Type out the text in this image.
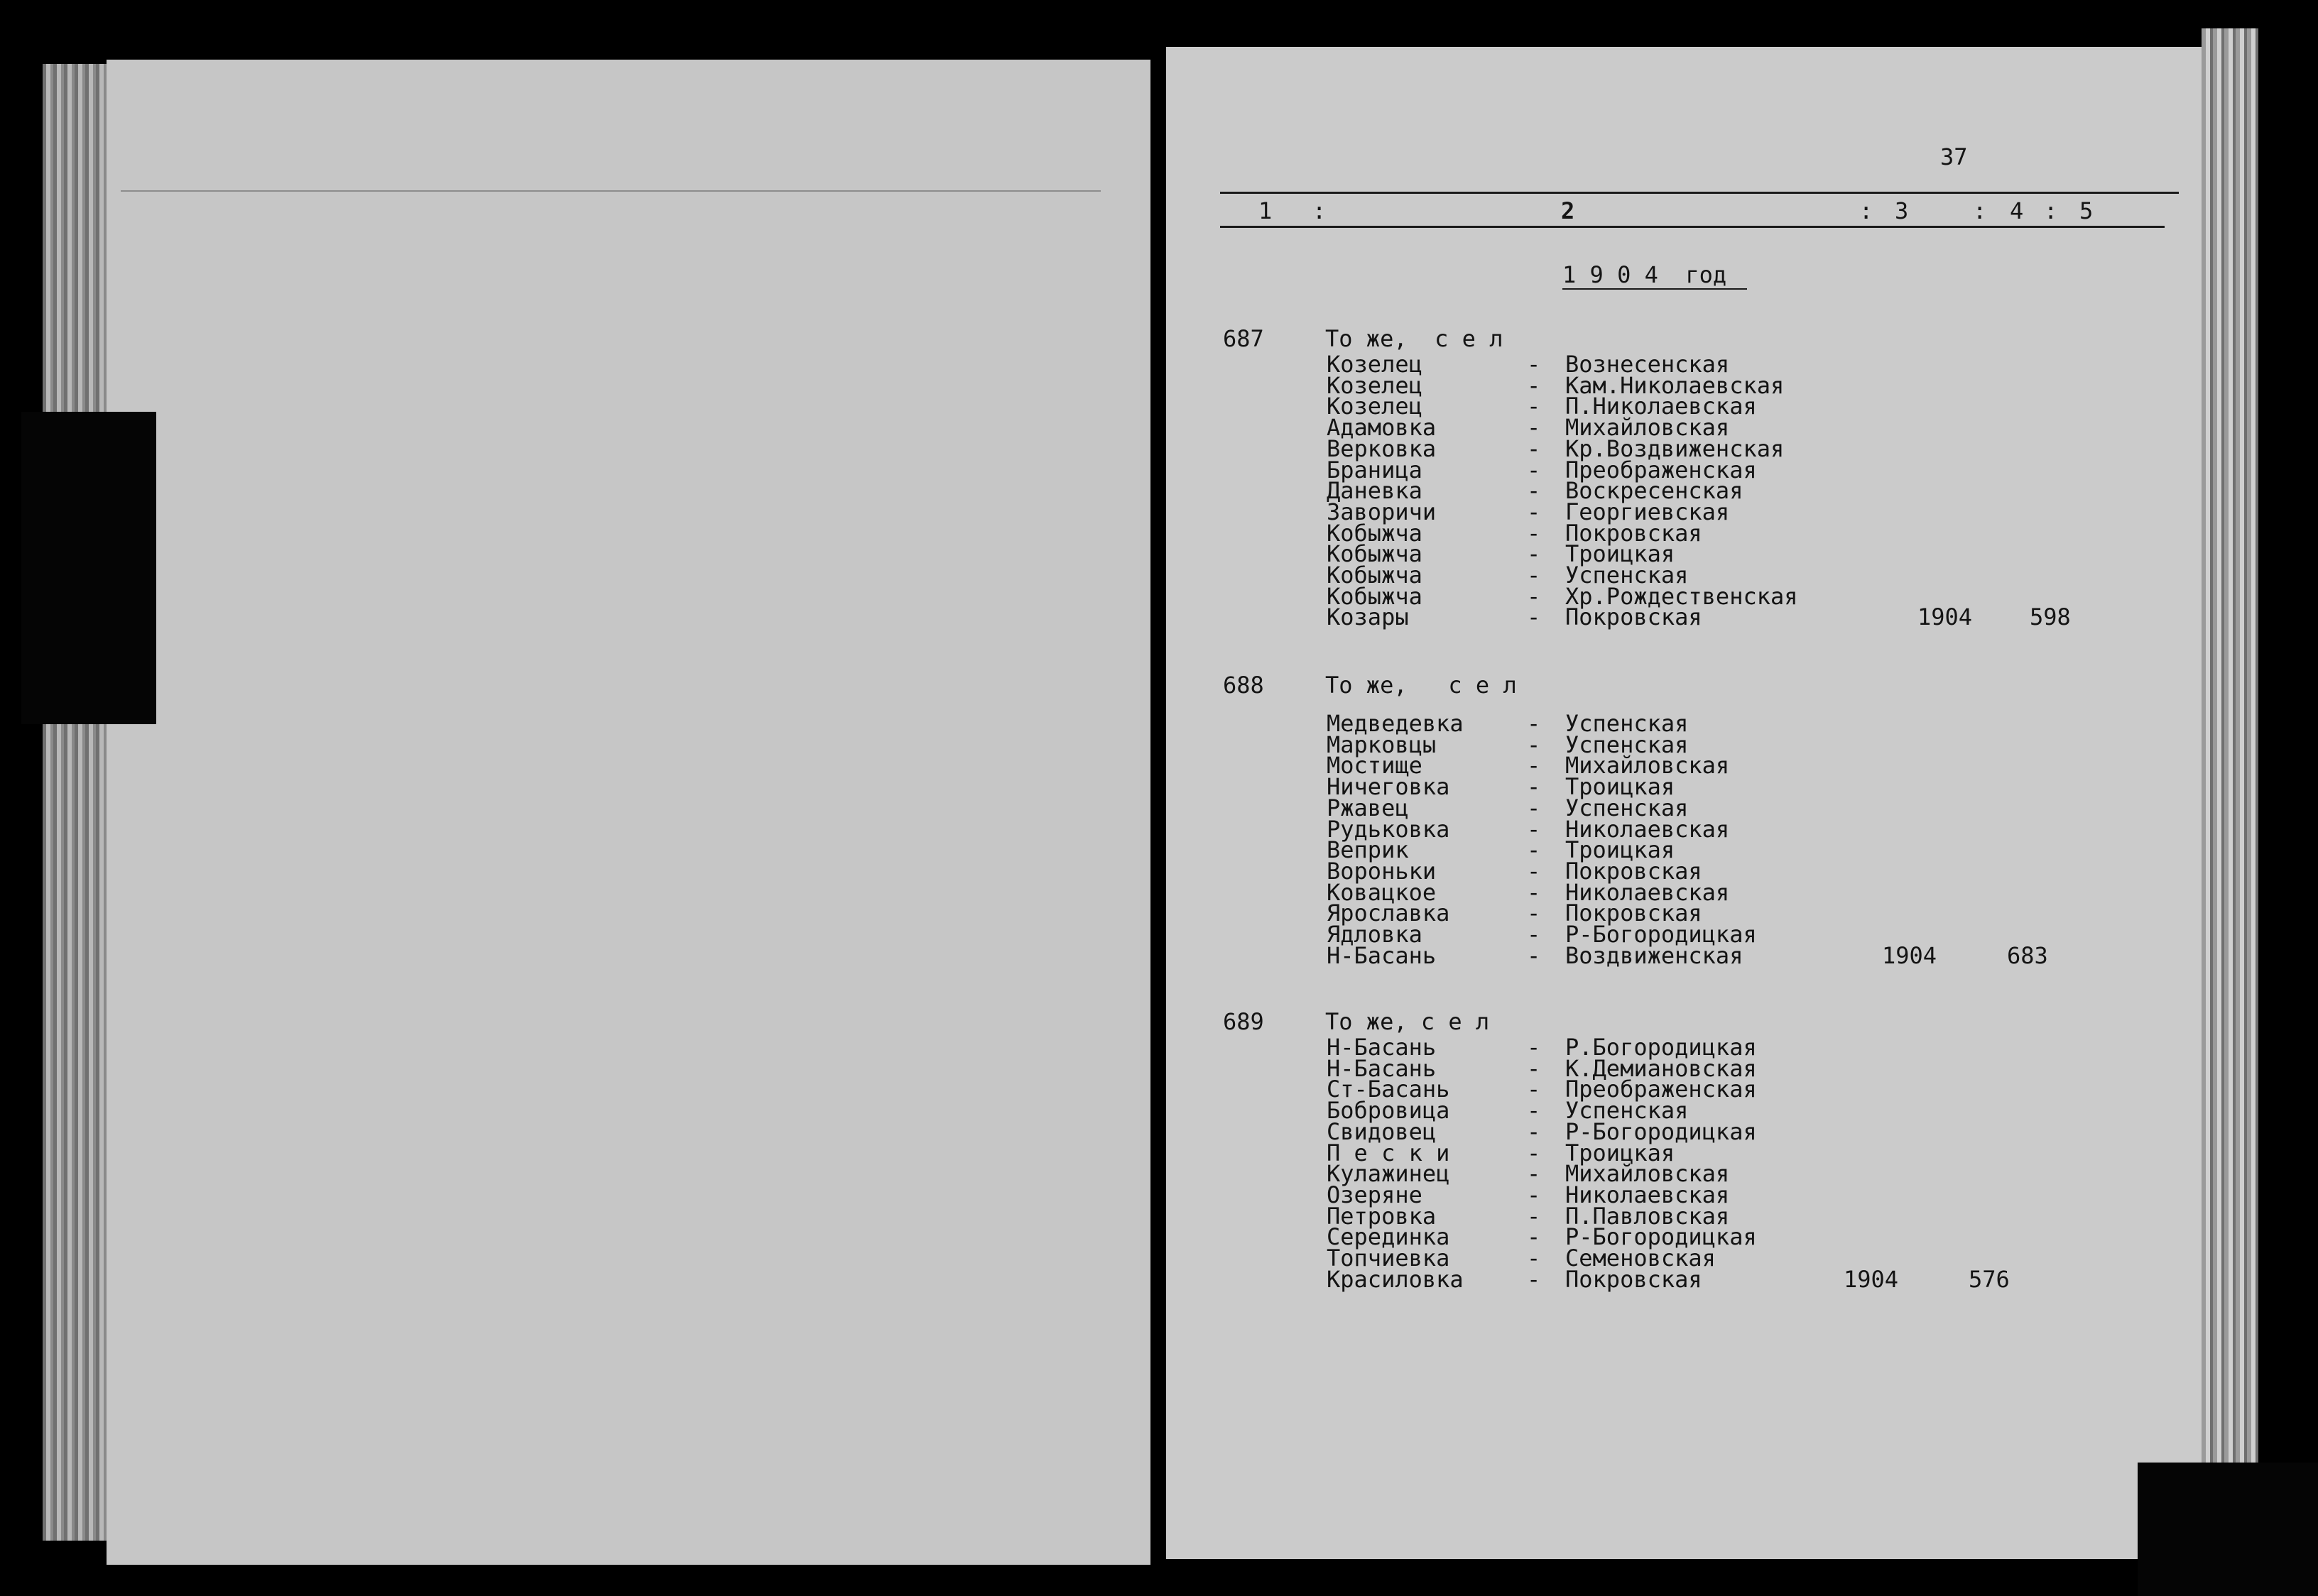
37
1 :	2	: 3	: 4 : 5
1 9 0 4  год
687	То же,  с е л
Козелец	- Вознесенская
Козелец	- Кам.Николаевская
Козелец	- П.Николаевская
Адамовка	- Михайловская
Верковка	- Кр.Воздвиженская
Браница	- Преображенская
Даневка	- Воскресенская
Заворичи	- Георгиевская
Кобыжча	- Покровская
Кобыжча	- Троицкая
Кобыжча	- Успенская
Кобыжча	- Хр.Рождественская
Козары	- Покровская	1904	598
688	То же,   с е л
Медведевка	- Успенская
Марковцы	- Успенская
Мостище	- Михайловская
Ничеговка	- Троицкая
Ржавец	- Успенская
Рудьковка	- Николаевская
Веприк	- Троицкая
Вороньки	- Покровская
Ковацкое	- Николаевская
Ярославка	- Покровская
Ядловка	- Р-Богородицкая
Н-Басань	- Воздвиженская	1904	683
689	То же, с е л
Н-Басань	- Р.Богородицкая
Н-Басань	- К.Демиановская
Ст-Басань	- Преображенская
Бобровица	- Успенская
Свидовец	- Р-Богородицкая
П е с к и	- Троицкая
Кулажинец	- Михайловская
Озеряне	- Николаевская
Петровка	- П.Павловская
Серединка	- Р-Богородицкая
Топчиевка	- Семеновская
Красиловка	- Покровская	1904	576
